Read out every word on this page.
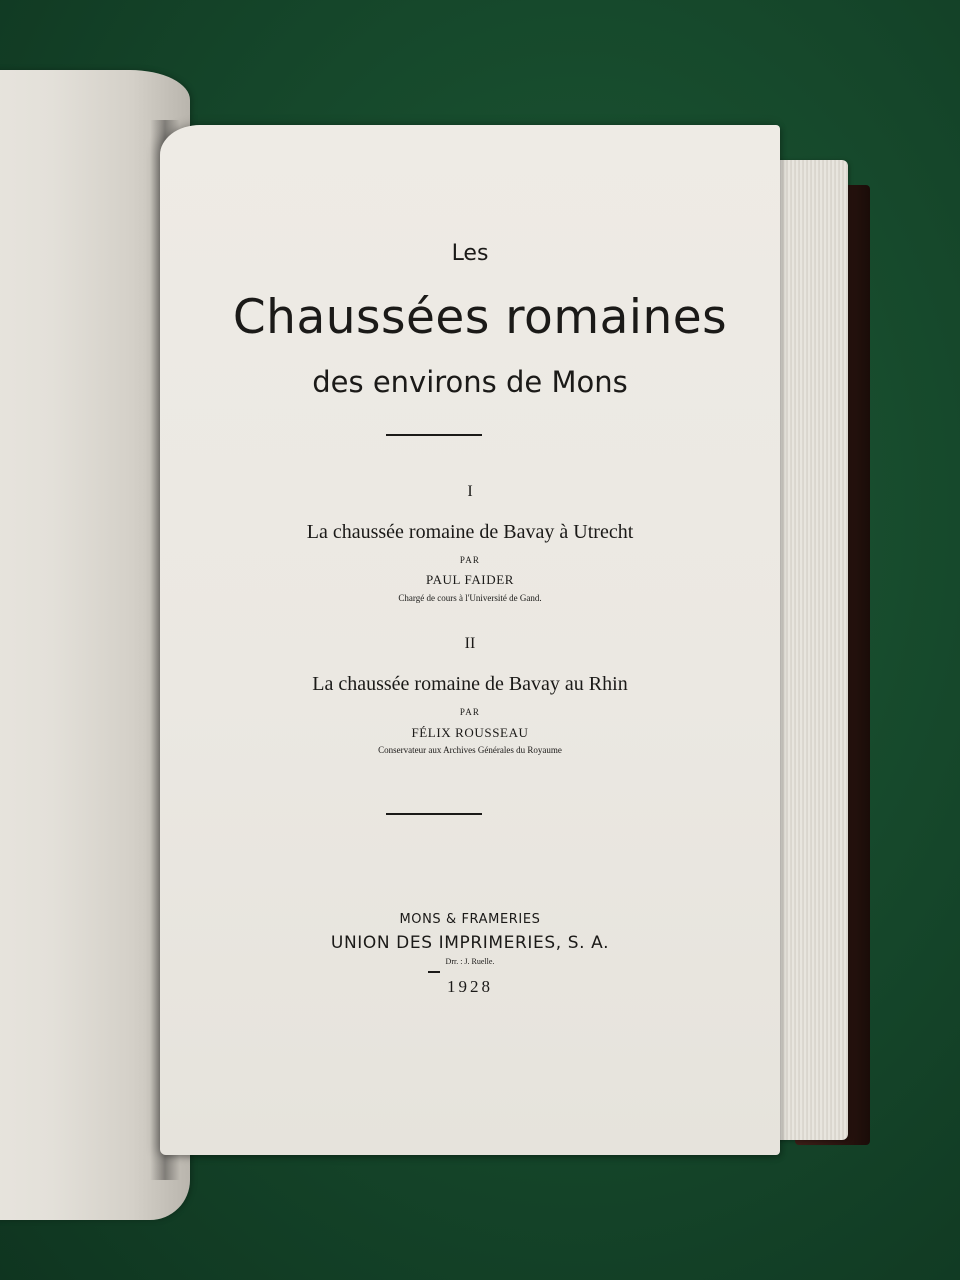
Les
Chaussées romaines
des environs de Mons
I
La chaussée romaine de Bavay à Utrecht
PAR
PAUL FAIDER
Chargé de cours à l'Université de Gand.
II
La chaussée romaine de Bavay au Rhin
PAR
FÉLIX ROUSSEAU
Conservateur aux Archives Générales du Royaume
MONS & FRAMERIES
UNION DES IMPRIMERIES, S. A.
Drr. : J. Ruelle.
1928
